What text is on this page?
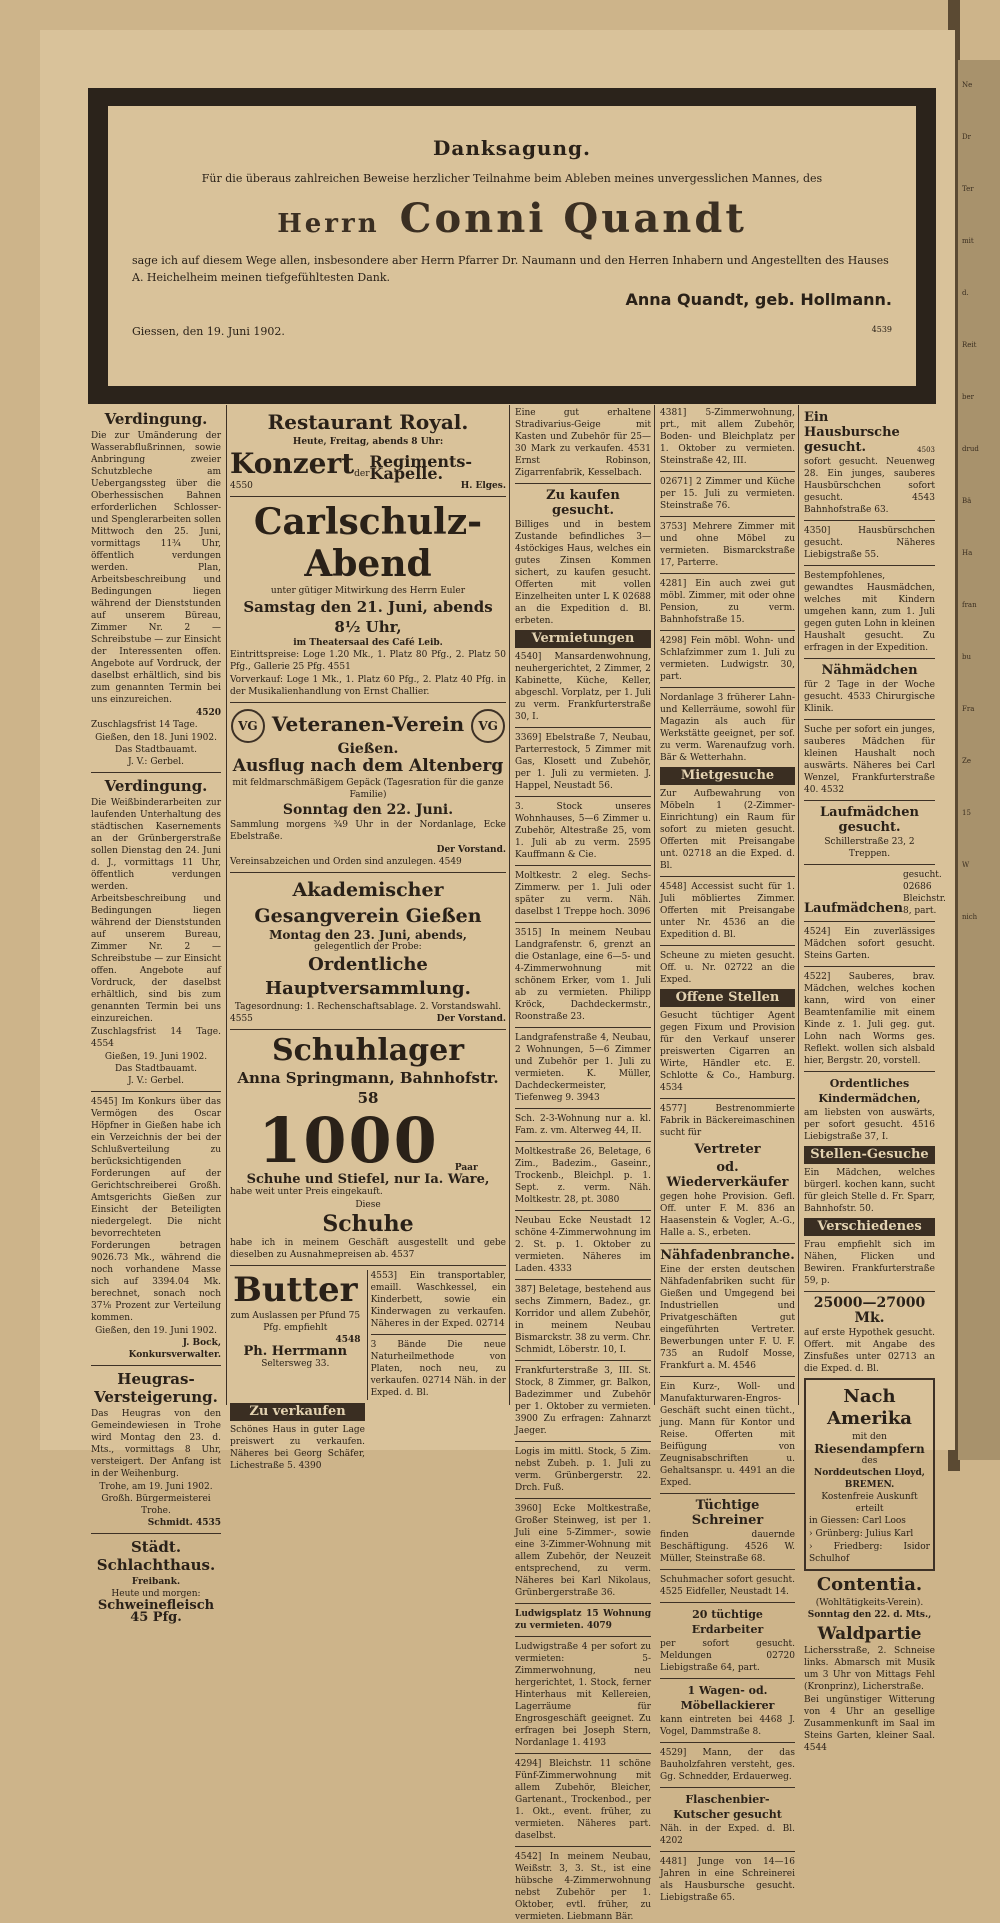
Ne
Dr
Ter
mit
d.
Reit
ber
drud
Bä
Ha
fran
bu
Fra
Ze
15
W
nich
Danksagung.
Für die überaus zahlreichen Beweise herzlicher Teilnahme beim Ableben meines unvergesslichen Mannes, des
Herrn Conni Quandt
sage ich auf diesem Wege allen, insbesondere aber Herrn Pfarrer Dr. Naumann und den Herren Inhabern und Angestellten des Hauses A. Heichelheim meinen tiefgefühltesten Dank.
Anna Quandt, geb. Hollmann.
Giessen, den 19. Juni 1902.	4539
Verdingung.
Die zur Umänderung der Wasserabflußrinnen, sowie Anbringung zweier Schutzbleche am Uebergangssteg über die Oberhessischen Bahnen erforderlichen Schlosser- und Spenglerarbeiten sollen Mittwoch den 25. Juni, vormittags 11¾ Uhr, öffentlich verdungen werden. Plan, Arbeitsbeschreibung und Bedingungen liegen während der Dienststunden auf unserem Büreau, Zimmer Nr. 2 — Schreibstube — zur Einsicht der Interessenten offen. Angebote auf Vordruck, der daselbst erhältlich, sind bis zum genannten Termin bei uns einzureichen.
4520
Zuschlagsfrist 14 Tage.
Gießen, den 18. Juni 1902.
Das Stadtbauamt.
J. V.: Gerbel.
Verdingung.
Die Weißbinderarbeiten zur laufenden Unterhaltung des städtischen Kasernements an der Grünbergerstraße sollen Dienstag den 24. Juni d. J., vormittags 11 Uhr, öffentlich verdungen werden. Arbeitsbeschreibung und Bedingungen liegen während der Dienststunden auf unserem Bureau, Zimmer Nr. 2 — Schreibstube — zur Einsicht offen. Angebote auf Vordruck, der daselbst erhältlich, sind bis zum genannten Termin bei uns einzureichen.
Zuschlagsfrist 14 Tage. 4554
Gießen, 19. Juni 1902.
Das Stadtbauamt.
J. V.: Gerbel.
4545] Im Konkurs über das Vermögen des Oscar Höpfner in Gießen habe ich ein Verzeichnis der bei der Schlußverteilung zu berücksichtigenden Forderungen auf der Gerichtschreiberei Großh. Amtsgerichts Gießen zur Einsicht der Beteiligten niedergelegt. Die nicht bevorrechteten Forderungen betragen 9026.73 Mk., während die noch vorhandene Masse sich auf 3394.04 Mk. berechnet, sonach noch 37⅛ Prozent zur Verteilung kommen.
Gießen, den 19. Juni 1902.
J. Bock, Konkursverwalter.
Heugras-Versteigerung.
Das Heugras von den Gemeindewiesen in Trohe wird Montag den 23. d. Mts., vormittags 8 Uhr, versteigert. Der Anfang ist in der Weihenburg.
Trohe, am 19. Juni 1902.
Großh. Bürgermeisterei Trohe.
Schmidt. 4535
Städt. Schlachthaus.
Freibank.
Heute und morgen:
Schweinefleisch 45 Pfg.
Restaurant Royal.
Heute, Freitag, abends 8 Uhr:
Konzert der
Regiments-Kapelle.
4550	H. Elges.
Carlschulz-Abend
unter gütiger Mitwirkung des Herrn Euler
Samstag den 21. Juni, abends 8½ Uhr,
im Theatersaal des Café Leib.
Eintrittspreise: Loge 1.20 Mk., 1. Platz 80 Pfg., 2. Platz 50 Pfg., Gallerie 25 Pfg. 4551
Vorverkauf: Loge 1 Mk., 1. Platz 60 Pfg., 2. Platz 40 Pfg. in der Musikalienhandlung von Ernst Challier.
VG Veteranen-Verein VG
Gießen.
Ausflug nach dem Altenberg
mit feldmarschmäßigem Gepäck (Tagesration für die ganze Familie)
Sonntag den 22. Juni.
Sammlung morgens ¾9 Uhr in der Nordanlage, Ecke Ebelstraße.
Der Vorstand.
Vereinsabzeichen und Orden sind anzulegen. 4549
Akademischer Gesangverein Gießen
Montag den 23. Juni, abends,
gelegentlich der Probe:
Ordentliche Hauptversammlung.
Tagesordnung: 1. Rechenschaftsablage. 2. Vorstandswahl.
4555	Der Vorstand.
Schuhlager
Anna Springmann, Bahnhofstr. 58
1000 Paar
Schuhe und Stiefel, nur Ia. Ware,
habe weit unter Preis eingekauft.
Diese
Schuhe
habe ich in meinem Geschäft ausgestellt und gebe dieselben zu Ausnahmepreisen ab. 4537
Butter
zum Auslassen per Pfund 75 Pfg. empfiehlt
4548
Ph. Herrmann
Seltersweg 33.
4553] Ein transportabler, emaill. Waschkessel, ein Kinderbett, sowie ein Kinderwagen zu verkaufen. Näheres in der Exped. 02714
3 Bände Die neue Naturheilmethode von Platen, noch neu, zu verkaufen. 02714 Näh. in der Exped. d. Bl.
Zu verkaufen
Schönes Haus in guter Lage preiswert zu verkaufen. Näheres bei Georg Schäfer, Lichestraße 5. 4390
Eine gut erhaltene Stradivarius-Geige mit Kasten und Zubehör für 25—30 Mark zu verkaufen. 4531 Ernst Robinson, Zigarrenfabrik, Kesselbach.
Zu kaufen gesucht.
Billiges und in bestem Zustande befindliches 3—4stöckiges Haus, welches ein gutes Zinsen Kommen sichert, zu kaufen gesucht. Offerten mit vollen Einzelheiten unter L K 02688 an die Expedition d. Bl. erbeten.
Vermietungen
4540] Mansardenwohnung, neuhergerichtet, 2 Zimmer, 2 Kabinette, Küche, Keller, abgeschl. Vorplatz, per 1. Juli zu verm. Frankfurterstraße 30, I.
3369] Ebelstraße 7, Neubau, Parterrestock, 5 Zimmer mit Gas, Klosett und Zubehör, per 1. Juli zu vermieten. J. Happel, Neustadt 56.
3. Stock unseres Wohnhauses, 5—6 Zimmer u. Zubehör, Altestraße 25, vom 1. Juli ab zu verm. 2595 Kauffmann & Cie.
Moltkestr. 2 eleg. Sechs-Zimmerw. per 1. Juli oder später zu verm. Näh. daselbst 1 Treppe hoch. 3096
3515] In meinem Neubau Landgrafenstr. 6, grenzt an die Ostanlage, eine 6—5- und 4-Zimmerwohnung mit schönem Erker, vom 1. Juli ab zu vermieten. Philipp Kröck, Dachdeckermstr., Roonstraße 23.
Landgrafenstraße 4, Neubau, 2 Wohnungen, 5—6 Zimmer und Zubehör per 1. Juli zu vermieten. K. Müller, Dachdeckermeister, Tiefenweg 9. 3943
Sch. 2-3-Wohnung nur a. kl. Fam. z. vm. Alterweg 44, II.
Moltkestraße 26, Beletage, 6 Zim., Badezim., Gaseinr., Trockenb., Bleichpl. p. 1. Sept. z. verm. Näh. Moltkestr. 28, pt. 3080
Neubau Ecke Neustadt 12 schöne 4-Zimmerwohnung im 2. St. p. 1. Oktober zu vermieten. Näheres im Laden. 4333
387] Beletage, bestehend aus sechs Zimmern, Badez., gr. Korridor und allem Zubehör, in meinem Neubau Bismarckstr. 38 zu verm. Chr. Schmidt, Löberstr. 10, I.
Frankfurterstraße 3, III. St. Stock, 8 Zimmer, gr. Balkon, Badezimmer und Zubehör per 1. Oktober zu vermieten. 3900 Zu erfragen: Zahnarzt Jaeger.
Logis im mittl. Stock, 5 Zim. nebst Zubeh. p. 1. Juli zu verm. Grünbergerstr. 22. Drch. Fuß.
3960] Ecke Moltkestraße, Großer Steinweg, ist per 1. Juli eine 5-Zimmer-, sowie eine 3-Zimmer-Wohnung mit allem Zubehör, der Neuzeit entsprechend, zu verm. Näheres bei Karl Nikolaus, Grünbergerstraße 36.
Ludwigsplatz 15 Wohnung zu vermieten. 4079
Ludwigstraße 4 per sofort zu vermieten: 5-Zimmerwohnung, neu hergerichtet, 1. Stock, ferner Hinterhaus mit Kellereien, Lagerräume für Engrosgeschäft geeignet. Zu erfragen bei Joseph Stern, Nordanlage 1. 4193
4294] Bleichstr. 11 schöne Fünf-Zimmerwohnung mit allem Zubehör, Bleicher, Gartenant., Trockenbod., per 1. Okt., event. früher, zu vermieten. Näheres part. daselbst.
4542] In meinem Neubau, Weißstr. 3, 3. St., ist eine hübsche 4-Zimmerwohnung nebst Zubehör per 1. Oktober, evtl. früher, zu vermieten. Liebmann Bär.
4381] 5-Zimmerwohnung, prt., mit allem Zubehör, Boden- und Bleichplatz per 1. Oktober zu vermieten. Steinstraße 42, III.
02671] 2 Zimmer und Küche per 15. Juli zu vermieten. Steinstraße 76.
3753] Mehrere Zimmer mit und ohne Möbel zu vermieten. Bismarckstraße 17, Parterre.
4281] Ein auch zwei gut möbl. Zimmer, mit oder ohne Pension, zu verm. Bahnhofstraße 15.
4298] Fein möbl. Wohn- und Schlafzimmer zum 1. Juli zu vermieten. Ludwigstr. 30, part.
Nordanlage 3 früherer Lahn- und Kellerräume, sowohl für Magazin als auch für Werkstätte geeignet, per sof. zu verm. Warenaufzug vorh. Bär & Wetterhahn.
Mietgesuche
Zur Aufbewahrung von Möbeln 1 (2-Zimmer-Einrichtung) ein Raum für sofort zu mieten gesucht. Offerten mit Preisangabe unt. 02718 an die Exped. d. Bl.
4548] Accessist sucht für 1. Juli möbliertes Zimmer. Offerten mit Preisangabe unter Nr. 4536 an die Expedition d. Bl.
Scheune zu mieten gesucht. Off. u. Nr. 02722 an die Exped.
Offene Stellen
Gesucht tüchtiger Agent gegen Fixum und Provision für den Verkauf unserer preiswerten Cigarren an Wirte, Händler etc. E. Schlotte & Co., Hamburg. 4534
4577] Bestrenommierte Fabrik in Bäckereimaschinen sucht für
Vertreter
od. Wiederverkäufer
gegen hohe Provision. Gefl. Off. unter F. M. 836 an Haasenstein & Vogler, A.-G., Halle a. S., erbeten.
Nähfadenbranche.
Eine der ersten deutschen Nähfadenfabriken sucht für Gießen und Umgegend bei Industriellen und Privatgeschäften gut eingeführten Vertreter. Bewerbungen unter F. U. F. 735 an Rudolf Mosse, Frankfurt a. M. 4546
Ein Kurz-, Woll- und Manufakturwaren-Engros-Geschäft sucht einen tücht., jung. Mann für Kontor und Reise. Offerten mit Beifügung von Zeugnisabschriften u. Gehaltsanspr. u. 4491 an die Exped.
Tüchtige Schreiner
finden dauernde Beschäftigung. 4526 W. Müller, Steinstraße 68.
Schuhmacher sofort gesucht. 4525 Eidfeller, Neustadt 14.
20 tüchtige Erdarbeiter
per sofort gesucht. Meldungen 02720 Liebigstraße 64, part.
1 Wagen- od. Möbellackierer
kann eintreten bei 4468 J. Vogel, Dammstraße 8.
4529] Mann, der das Bauholzfahren versteht, ges. Gg. Schnedder, Erdauerweg.
Flaschenbier-Kutscher gesucht
Näh. in der Exped. d. Bl. 4202
4481] Junge von 14—16 Jahren in eine Schreinerei als Hausbursche gesucht. Liebigstraße 65.
Ein Hausbursche gesucht.	4503
sofort gesucht. Neuenweg 28. Ein junges, sauberes Hausbürschchen sofort gesucht. 4543 Bahnhofstraße 63.
4350] Hausbürschchen gesucht. Näheres Liebigstraße 55.
Bestempfohlenes, gewandtes Hausmädchen, welches mit Kindern umgehen kann, zum 1. Juli gegen guten Lohn in kleinen Haushalt gesucht. Zu erfragen in der Expedition.
Nähmädchen
für 2 Tage in der Woche gesucht. 4533 Chirurgische Klinik.
Suche per sofort ein junges, sauberes Mädchen für kleinen Haushalt noch auswärts. Näheres bei Carl Wenzel, Frankfurterstraße 40. 4532
Laufmädchen gesucht.
Schillerstraße 23, 2 Treppen.
Laufmädchen
gesucht. 02686 Bleichstr. 8, part.
4524] Ein zuverlässiges Mädchen sofort gesucht. Steins Garten.
4522] Sauberes, brav. Mädchen, welches kochen kann, wird von einer Beamtenfamilie mit einem Kinde z. 1. Juli geg. gut. Lohn nach Worms ges. Reflekt. wollen sich alsbald hier, Bergstr. 20, vorstell.
Ordentliches Kindermädchen,
am liebsten von auswärts, per sofort gesucht. 4516 Liebigstraße 37, I.
Stellen-Gesuche
Ein Mädchen, welches bürgerl. kochen kann, sucht für gleich Stelle d. Fr. Sparr, Bahnhofstr. 50.
Verschiedenes
Frau empfiehlt sich im Nähen, Flicken und Bewiren. Frankfurterstraße 59, p.
25000—27000 Mk.
auf erste Hypothek gesucht. Offert. mit Angabe des Zinsfußes unter 02713 an die Exped. d. Bl.
Nach Amerika
mit den
Riesendampfern
des
Norddeutschen Lloyd,
BREMEN.
Kostenfreie Auskunft erteilt
in Giessen: Carl Loos
› Grünberg: Julius Karl
› Friedberg: Isidor Schulhof
Contentia.
(Wohltätigkeits-Verein).
Sonntag den 22. d. Mts.,
Waldpartie
Lichersstraße, 2. Schneise links. Abmarsch mit Musik um 3 Uhr von Mittags Fehl (Kronprinz), Licherstraße.
Bei ungünstiger Witterung von 4 Uhr an gesellige Zusammenkunft im Saal im Steins Garten, kleiner Saal. 4544
